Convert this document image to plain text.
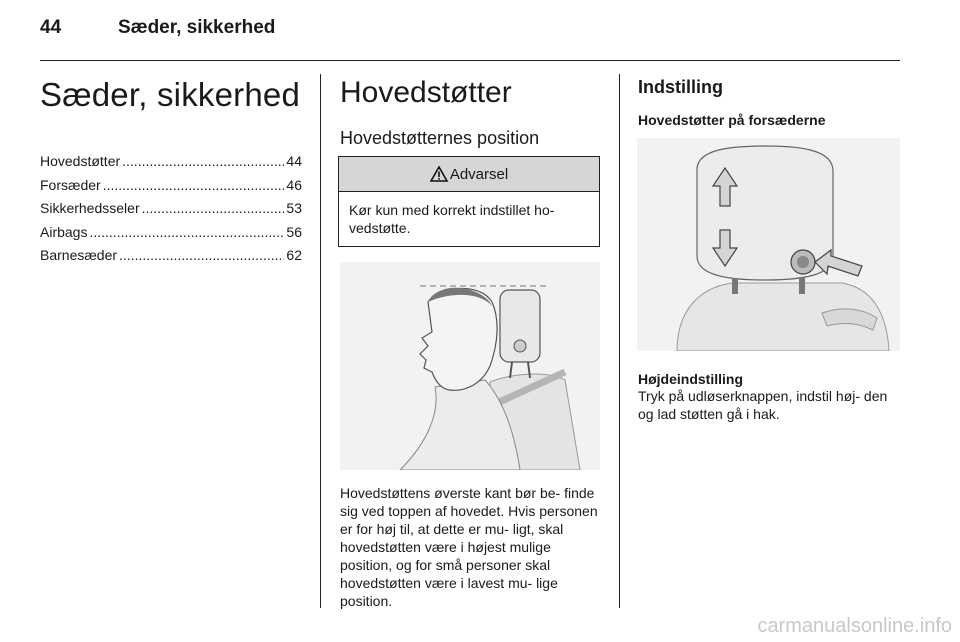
44	Sæder, sikkerhed
Sæder, sikkerhed
Hovedstøtter .....	44
Forsæder .....	46
Sikkerhedsseler .....	53
Airbags .....	56
Barnesæder .....	62
Hovedstøtter
Hovedstøtternes position
Advarsel
Kør kun med korrekt indstillet ho- vedstøtte.
Hovedstøttens øverste kant bør be- finde sig ved toppen af hovedet. Hvis personen er for høj til, at dette er mu- ligt, skal hovedstøtten være i højest mulige position, og for små personer skal hovedstøtten være i lavest mu- lige position.
Indstilling
Hovedstøtter på forsæderne
Højdeindstilling
Tryk på udløserknappen, indstil høj- den og lad støtten gå i hak.
carmanualsonline.info
